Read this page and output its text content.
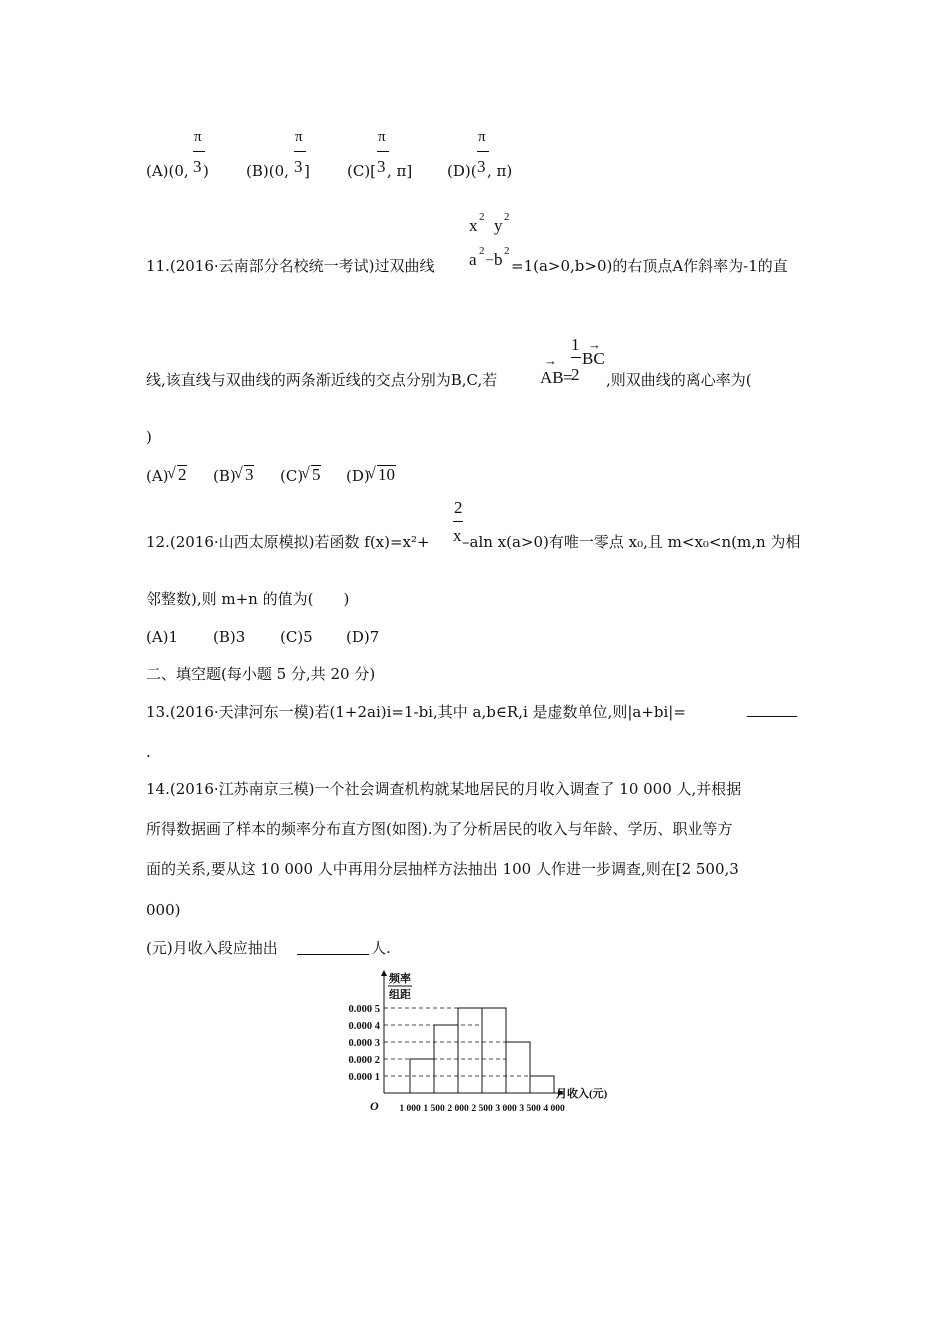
(A)(0,
π
3 ) (B)(0,
π
3 ] (C)[
π
3 , π] (D)(
π
3 , π)
x 2 y 2
a 2
– b 2
11.(2016·云南部分名校统一考试)过双曲线	=1(a>0,b>0)的右顶点A作斜率为-1的直
线,该直线与双曲线的两条渐近线的交点分别为B,C,若
→
AB =
1
2
→
BC
,则双曲线的离心率为(
)
(A)
√ 2 (B)
√ 3 (C)
√ 5 (D)
√ 10
2
x
12.(2016·山西太原模拟)若函数 f(x)=x²+ –aln x(a>0)有唯一零点 x₀,且 m<x₀<n(m,n 为相
邻整数),则 m+n 的值为(　　)
(A)1 (B)3 (C)5 (D)7
二、填空题(每小题 5 分,共 20 分)
13.(2016·天津河东一模)若(1+2ai)i=1-bi,其中 a,b∈R,i 是虚数单位,则|a+bi|=
.
14.(2016·江苏南京三模)一个社会调查机构就某地居民的月收入调查了 10 000 人,并根据
所得数据画了样本的频率分布直方图(如图).为了分析居民的收入与年龄、学历、职业等方
面的关系,要从这 10 000 人中再用分层抽样方法抽出 100 人作进一步调查,则在[2 500,3
000)
(元)月收入段应抽出	人.
频率
组距
O
月收入(元)
0.000 1
0.000 2
0.000 3
0.000 4
0.000 5
1 000 1 500 2 000 2 500 3 000 3 500 4 000
